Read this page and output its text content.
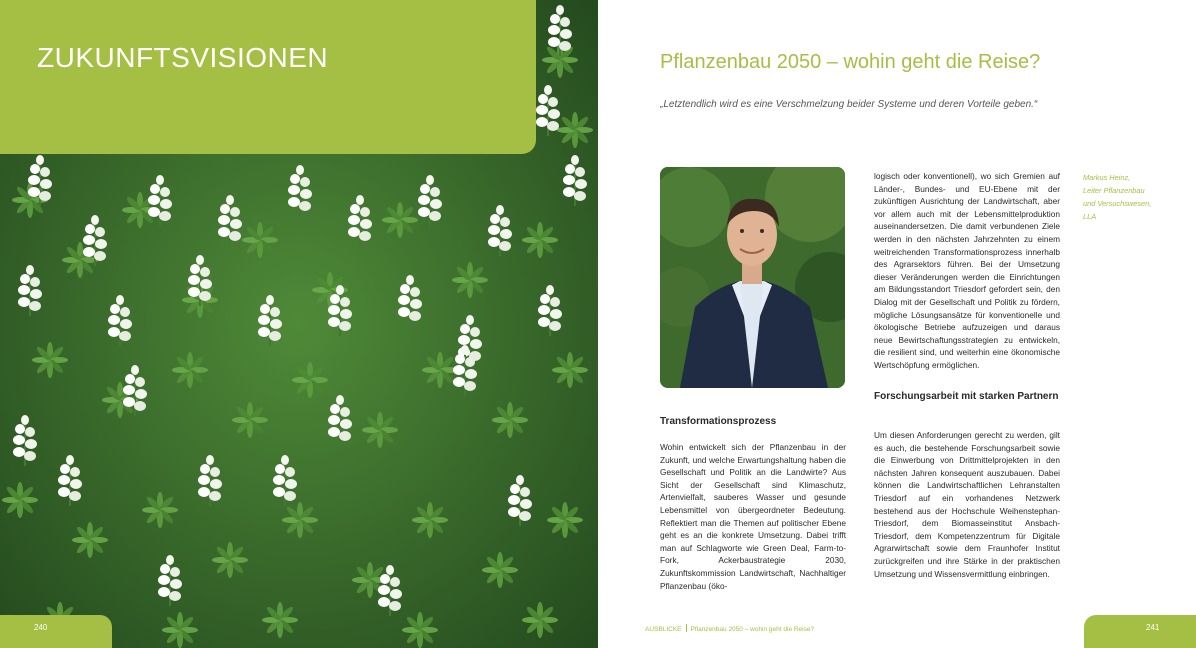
ZUKUNFTSVISIONEN
240
Pflanzenbau 2050 – wohin geht die Reise?

„Letztendlich wird es eine Verschmelzung beider Systeme und deren Vorteile geben.“

Markus Heinz,
Leiter Pflanzenbau
und Versuchswesen,
LLA
Transformationsprozess

Wohin entwickelt sich der Pflanzenbau in der Zukunft, und welche Erwartungshaltung haben die Gesellschaft und Politik an die Landwirte? Aus Sicht der Gesellschaft sind Klimaschutz, Artenvielfalt, sauberes Wasser und gesunde Lebensmittel von übergeordneter Bedeutung. Reflektiert man die Themen auf politischer Ebene geht es an die konkrete Umsetzung. Dabei trifft man auf Schlagworte wie Green Deal, Farm-to-Fork, Ackerbaustrategie 2030, Zukunftskommission Landwirtschaft, Nachhaltiger Pflanzenbau (öko-

logisch oder konventionell), wo sich Gremien auf Länder-, Bundes- und EU-Ebene mit der zukünftigen Ausrichtung der Landwirtschaft, aber vor allem auch mit der Lebensmittelproduktion auseinandersetzen. Die damit verbundenen Ziele werden in den nächsten Jahrzehnten zu einem weitreichenden Transformationsprozess innerhalb des Agrarsektors führen. Bei der Umsetzung dieser Veränderungen werden die Einrichtungen am Bildungsstandort Triesdorf gefordert sein, den Dialog mit der Gesellschaft und Politik zu fördern, mögliche Lösungsansätze für konventionelle und ökologische Betriebe aufzuzeigen und daraus neue Bewirtschaftungsstrategien zu entwickeln, die resilient sind, und weiterhin eine ökonomische Wertschöpfung ermöglichen.

Forschungsarbeit mit starken Partnern

Um diesen Anforderungen gerecht zu werden, gilt es auch, die bestehende Forschungsarbeit sowie die Einwerbung von Drittmittelprojekten in den nächsten Jahren konsequent auszubauen. Dabei können die Landwirtschaftlichen Lehranstalten Triesdorf auf ein vorhandenes Netzwerk bestehend aus der Hochschule Weihenstephan-Triesdorf, dem Biomasseinstitut Ansbach-Triesdorf, dem Kompetenzzentrum für Digitale Agrarwirtschaft sowie dem Fraunhofer Institut zurückgreifen und ihre Stärke in der praktischen Umsetzung und Wissensvermittlung einbringen.

AUSBLICKE Pflanzenbau 2050 – wohin geht die Reise?	241
